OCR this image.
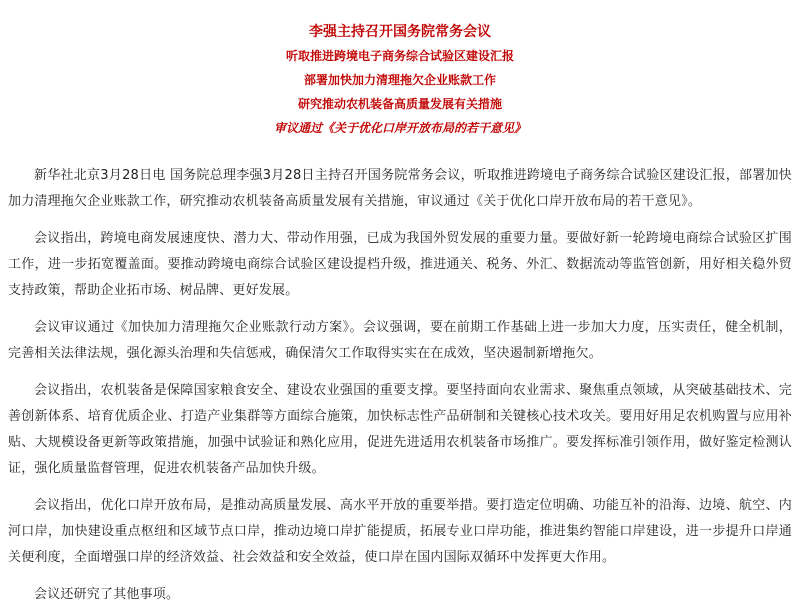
李强主持召开国务院常务会议
听取推进跨境电子商务综合试验区建设汇报
部署加快加力清理拖欠企业账款工作
研究推动农机装备高质量发展有关措施
审议通过《关于优化口岸开放布局的若干意见》

新华社北京3月28日电 国务院总理李强3月28日主持召开国务院常务会议，听取推进跨境电子商务综合试验区建设汇报，部署加快加力清理拖欠企业账款工作，研究推动农机装备高质量发展有关措施，审议通过《关于优化口岸开放布局的若干意见》。

会议指出，跨境电商发展速度快、潜力大、带动作用强，已成为我国外贸发展的重要力量。要做好新一轮跨境电商综合试验区扩围工作，进一步拓宽覆盖面。要推动跨境电商综合试验区建设提档升级，推进通关、税务、外汇、数据流动等监管创新，用好相关稳外贸支持政策，帮助企业拓市场、树品牌、更好发展。

会议审议通过《加快加力清理拖欠企业账款行动方案》。会议强调，要在前期工作基础上进一步加大力度，压实责任，健全机制，完善相关法律法规，强化源头治理和失信惩戒，确保清欠工作取得实实在在成效，坚决遏制新增拖欠。

会议指出，农机装备是保障国家粮食安全、建设农业强国的重要支撑。要坚持面向农业需求、聚焦重点领域，从突破基础技术、完善创新体系、培育优质企业、打造产业集群等方面综合施策，加快标志性产品研制和关键核心技术攻关。要用好用足农机购置与应用补贴、大规模设备更新等政策措施，加强中试验证和熟化应用，促进先进适用农机装备市场推广。要发挥标准引领作用，做好鉴定检测认证，强化质量监督管理，促进农机装备产品加快升级。

会议指出，优化口岸开放布局，是推动高质量发展、高水平开放的重要举措。要打造定位明确、功能互补的沿海、边境、航空、内河口岸，加快建设重点枢纽和区域节点口岸，推动边境口岸扩能提质，拓展专业口岸功能，推进集约智能口岸建设，进一步提升口岸通关便利度，全面增强口岸的经济效益、社会效益和安全效益，使口岸在国内国际双循环中发挥更大作用。

会议还研究了其他事项。
